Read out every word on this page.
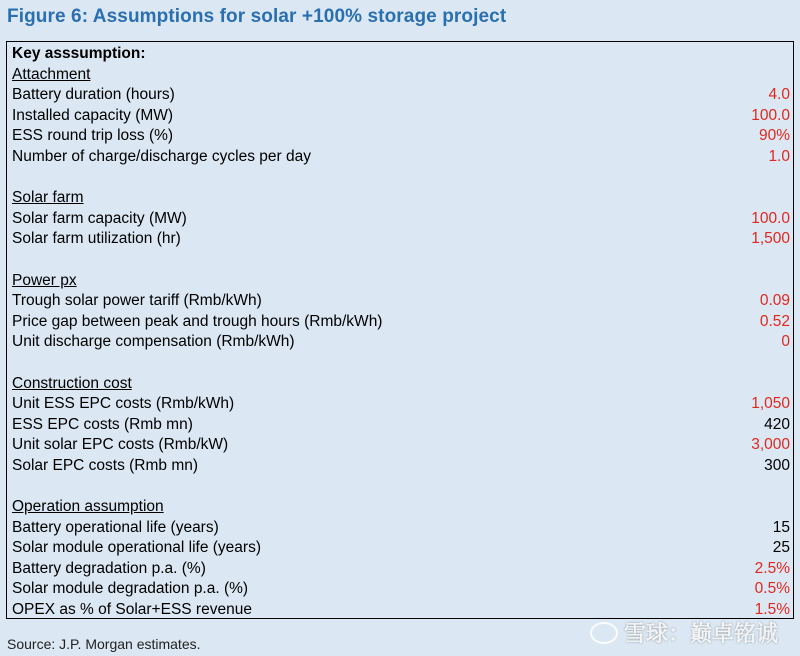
Figure 6: Assumptions for solar +100% storage project
Key asssumption:
Attachment
Battery duration (hours)	4.0
Installed capacity (MW)	100.0
ESS round trip loss (%)	90%
Number of charge/discharge cycles per day	1.0
Solar farm
Solar farm capacity (MW)	100.0
Solar farm utilization (hr)	1,500
Power px
Trough solar power tariff (Rmb/kWh)	0.09
Price gap between peak and trough hours (Rmb/kWh)	0.52
Unit discharge compensation (Rmb/kWh)	0
Construction cost
Unit ESS EPC costs (Rmb/kWh)	1,050
ESS EPC costs (Rmb mn)	420
Unit solar EPC costs (Rmb/kW)	3,000
Solar EPC costs (Rmb mn)	300
Operation assumption
Battery operational life (years)	15
Solar module operational life (years)	25
Battery degradation p.a. (%)	2.5%
Solar module degradation p.a. (%)	0.5%
OPEX as % of Solar+ESS revenue	1.5%
Source: J.P. Morgan estimates.	雪球：巅卓铭诚
